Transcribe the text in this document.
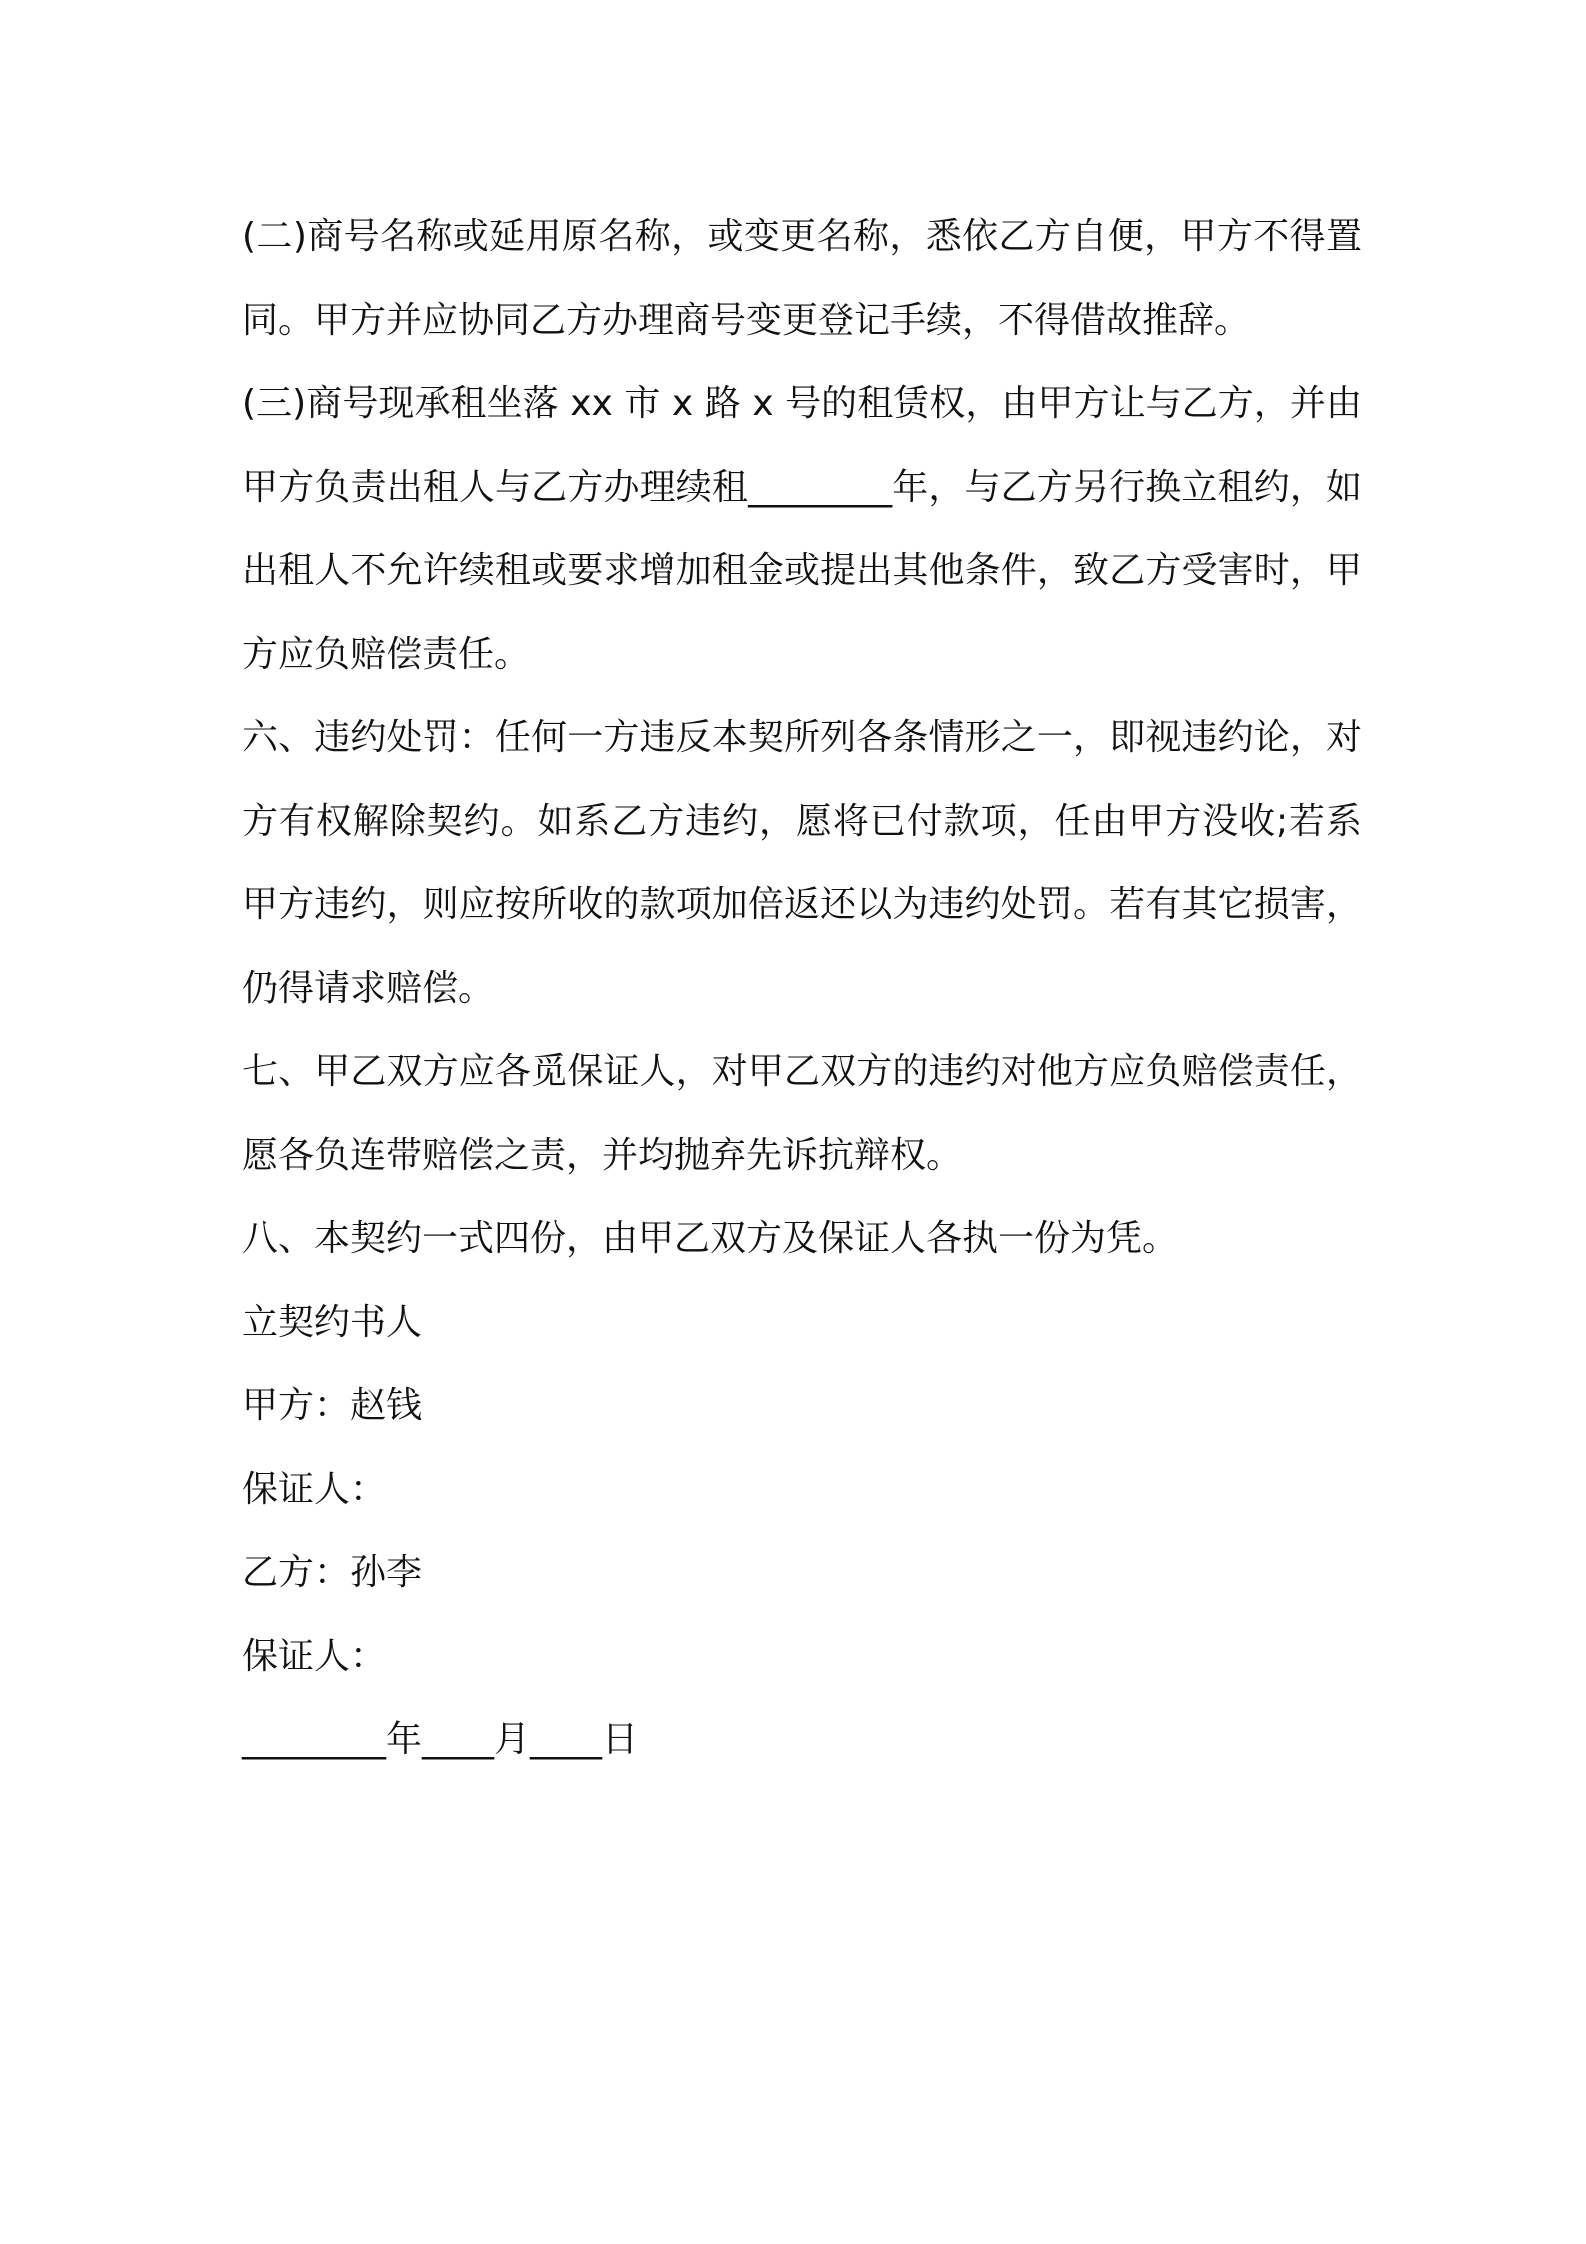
(二)商号名称或延用原名称，或变更名称，悉依乙方自便，甲方不得置同。甲方并应协同乙方办理商号变更登记手续，不得借故推辞。

(三)商号现承租坐落 xx 市 x 路 x 号的租赁权，由甲方让与乙方，并由甲方负责出租人与乙方办理续租________年，与乙方另行换立租约，如出租人不允许续租或要求增加租金或提出其他条件，致乙方受害时，甲方应负赔偿责任。

六、违约处罚：任何一方违反本契所列各条情形之一，即视违约论，对方有权解除契约。如系乙方违约，愿将已付款项，任由甲方没收;若系甲方违约，则应按所收的款项加倍返还以为违约处罚。若有其它损害，仍得请求赔偿。

七、甲乙双方应各觅保证人，对甲乙双方的违约对他方应负赔偿责任，愿各负连带赔偿之责，并均抛弃先诉抗辩权。

八、本契约一式四份，由甲乙双方及保证人各执一份为凭。

立契约书人

甲方：赵钱

保证人：

乙方：孙李

保证人：

________年____月____日
